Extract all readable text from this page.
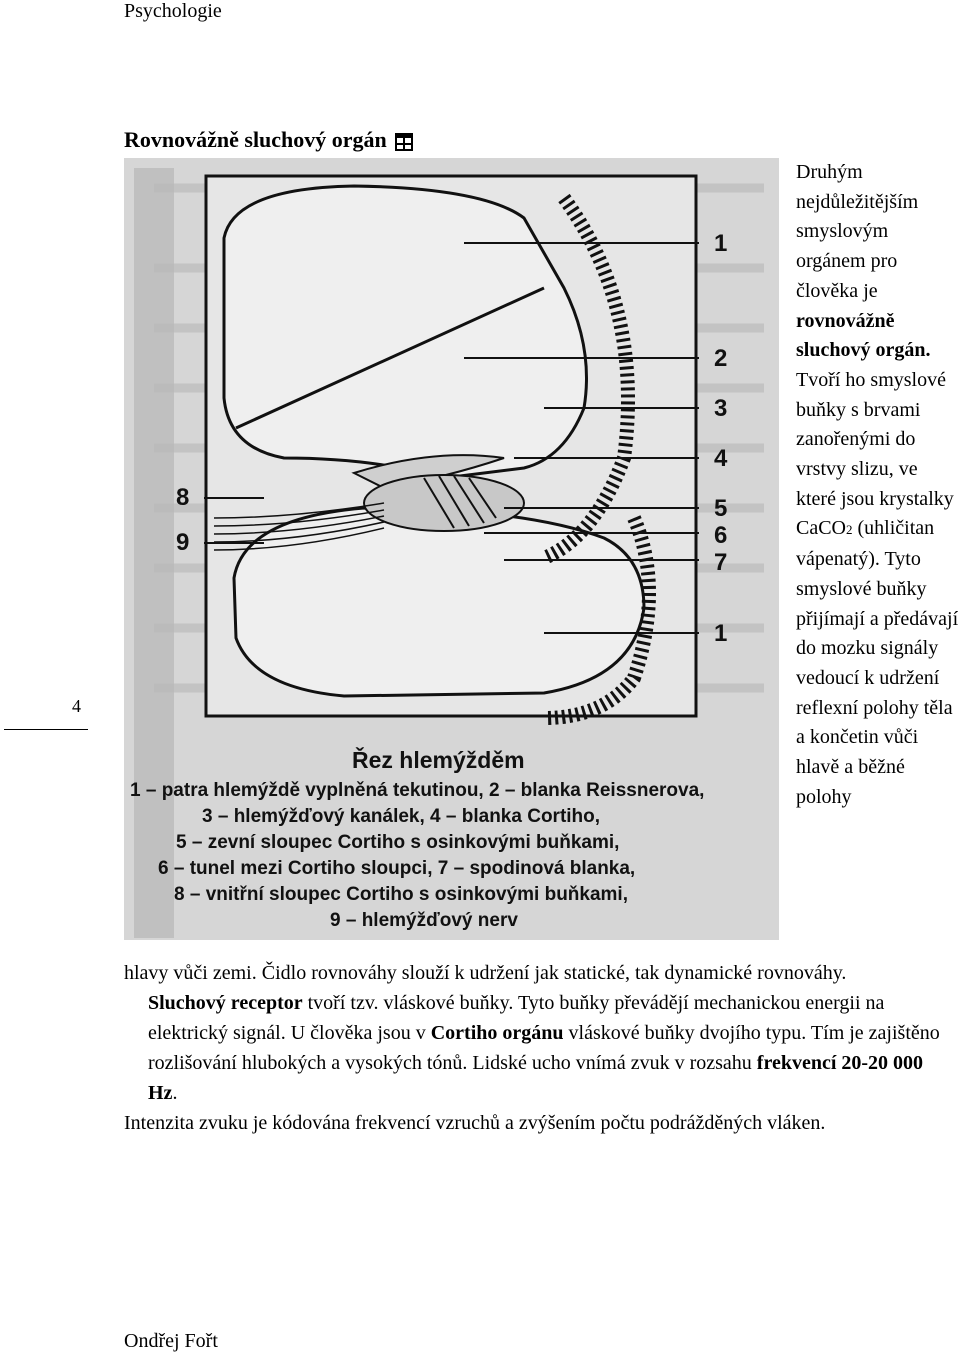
Psychologie
4
Rovnovážně sluchový orgán
1
2
3
4
5
6
7
1
8
9
Řez hlemýžděm
1 – patra hlemýždě vyplněná tekutinou, 2 – blanka Reissnerova,
3 – hlemýžďový kanálek, 4 – blanka Cortiho,
5 – zevní sloupec Cortiho s osinkovými buňkami,
6 – tunel mezi Cortiho sloupci, 7 – spodinová blanka,
8 – vnitřní sloupec Cortiho s osinkovými buňkami,
9 – hlemýžďový nerv
Druhým nejdůležitějším smyslovým orgánem pro člověka je rovnovážně sluchový orgán. Tvoří ho smyslové buňky s brvami zanořenými do vrstvy slizu, ve které jsou krystalky CaCO2 (uhličitan vápenatý). Tyto smyslové buňky přijímají a předávají do mozku signály vedoucí k udržení reflexní polohy těla a končetin vůči hlavě a běžné polohy

hlavy vůči zemi. Čidlo rovnováhy slouží k udržení jak statické, tak dynamické rovnováhy.

Sluchový receptor tvoří tzv. vláskové buňky. Tyto buňky převádějí mechanickou energii na elektrický signál. U člověka jsou v Cortiho orgánu vláskové buňky dvojího typu. Tím je zajištěno rozlišování hlubokých a vysokých tónů. Lidské ucho vnímá zvuk v rozsahu frekvencí 20-20 000 Hz.

Intenzita zvuku je kódována frekvencí vzruchů a zvýšením počtu podrážděných vláken.

Ondřej Fořt
